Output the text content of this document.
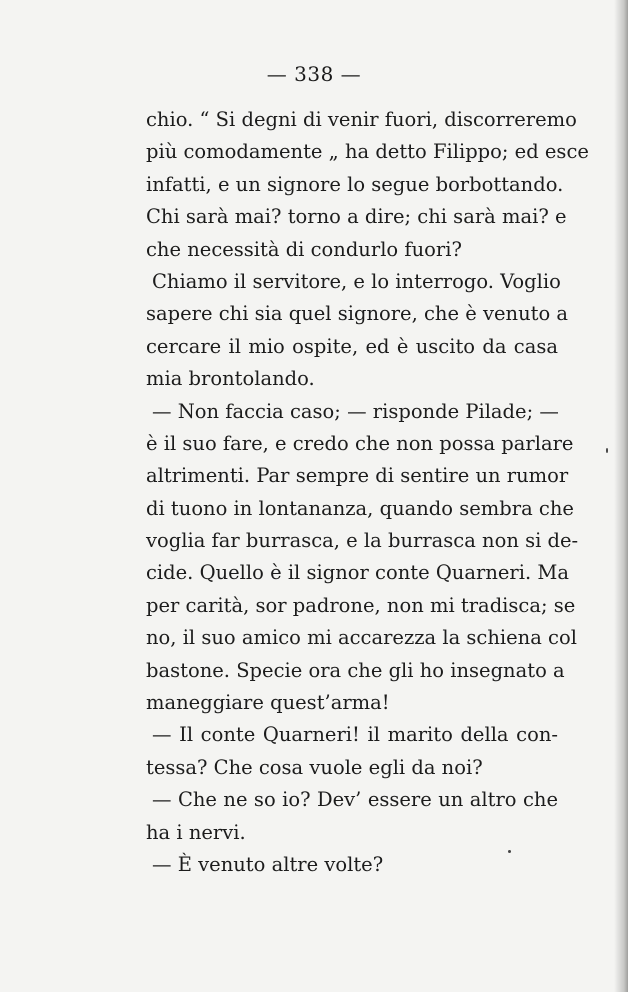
— 338 —
chio. “ Si degni di venir fuori, discorreremo
più comodamente „ ha detto Filippo; ed esce
infatti, e un signore lo segue borbottando.
Chi sarà mai? torno a dire; chi sarà mai? e
che necessità di condurlo fuori?
Chiamo il servitore, e lo interrogo. Voglio
sapere chi sia quel signore, che è venuto a
cercare il mio ospite, ed è uscito da casa
mia brontolando.
— Non faccia caso; — risponde Pilade; —
è il suo fare, e credo che non possa parlare
altrimenti. Par sempre di sentire un rumor
di tuono in lontananza, quando sembra che
voglia far burrasca, e la burrasca non si de-
cide. Quello è il signor conte Quarneri. Ma
per carità, sor padrone, non mi tradisca; se
no, il suo amico mi accarezza la schiena col
bastone. Specie ora che gli ho insegnato a
maneggiare quest’arma!
— Il conte Quarneri! il marito della con-
tessa? Che cosa vuole egli da noi?
— Che ne so io? Dev’ essere un altro che
ha i nervi.
— È venuto altre volte?
